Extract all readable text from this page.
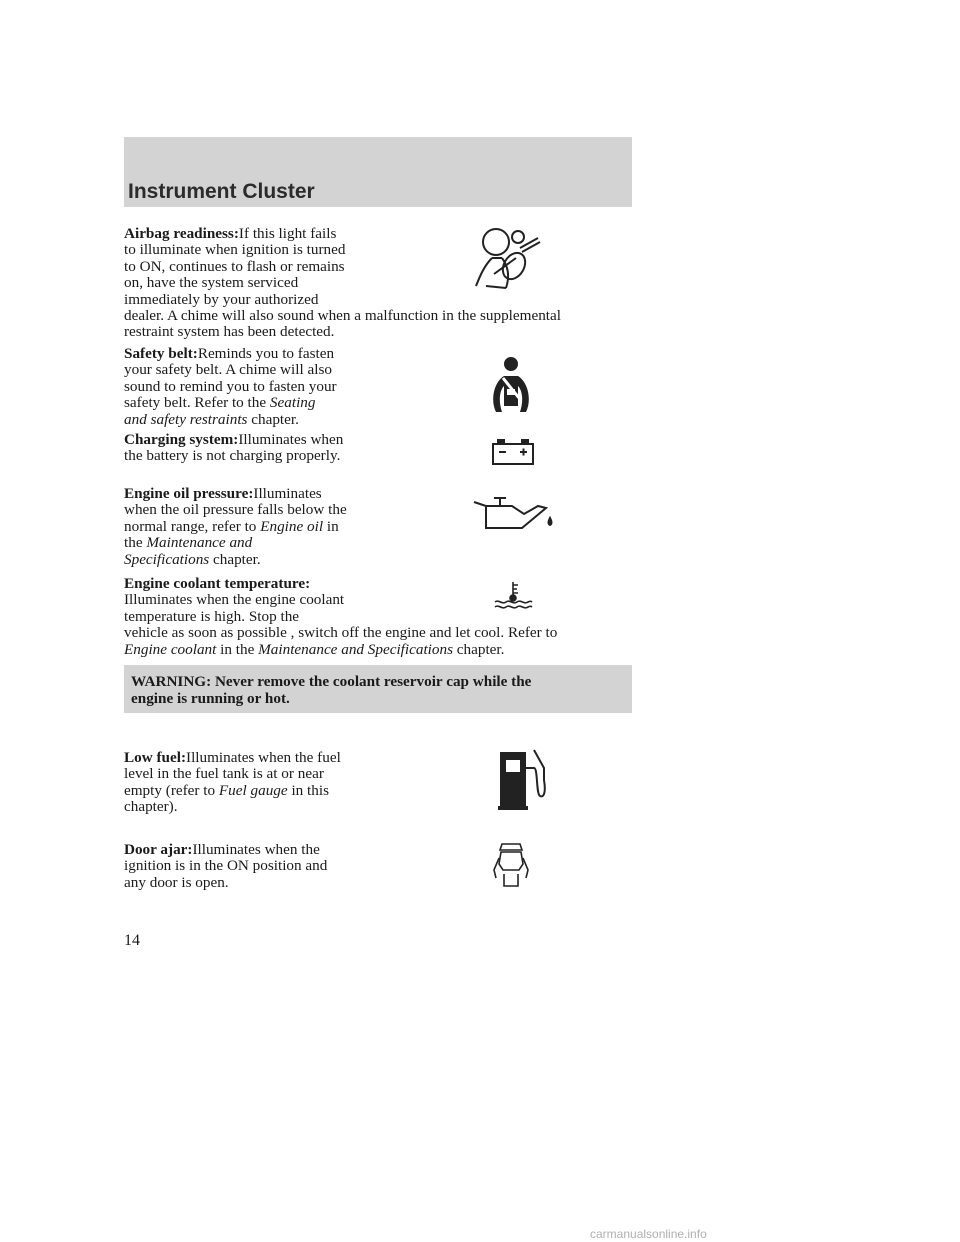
Instrument Cluster

Airbag readiness:If this light fails

to illuminate when ignition is turned

to ON, continues to flash or remains

on, have the system serviced

immediately by your authorized

dealer. A chime will also sound when a malfunction in the supplemental

restraint system has been detected.

Safety belt:Reminds you to fasten

your safety belt. A chime will also

sound to remind you to fasten your

safety belt. Refer to the Seating

and safety restraints chapter.

Charging system:Illuminates when

the battery is not charging properly.

Engine oil pressure:Illuminates

when the oil pressure falls below the

normal range, refer to Engine oil in

the Maintenance and

Specifications chapter.

Engine coolant temperature:

Illuminates when the engine coolant

temperature is high. Stop the

vehicle as soon as possible , switch off the engine and let cool. Refer to

Engine coolant in the Maintenance and Specifications chapter.

WARNING: Never remove the coolant reservoir cap while the

engine is running or hot.

Low fuel:Illuminates when the fuel

level in the fuel tank is at or near

empty (refer to Fuel gauge in this

chapter).

Door ajar:Illuminates when the

ignition is in the ON position and

any door is open.

14
carmanualsonline.info
